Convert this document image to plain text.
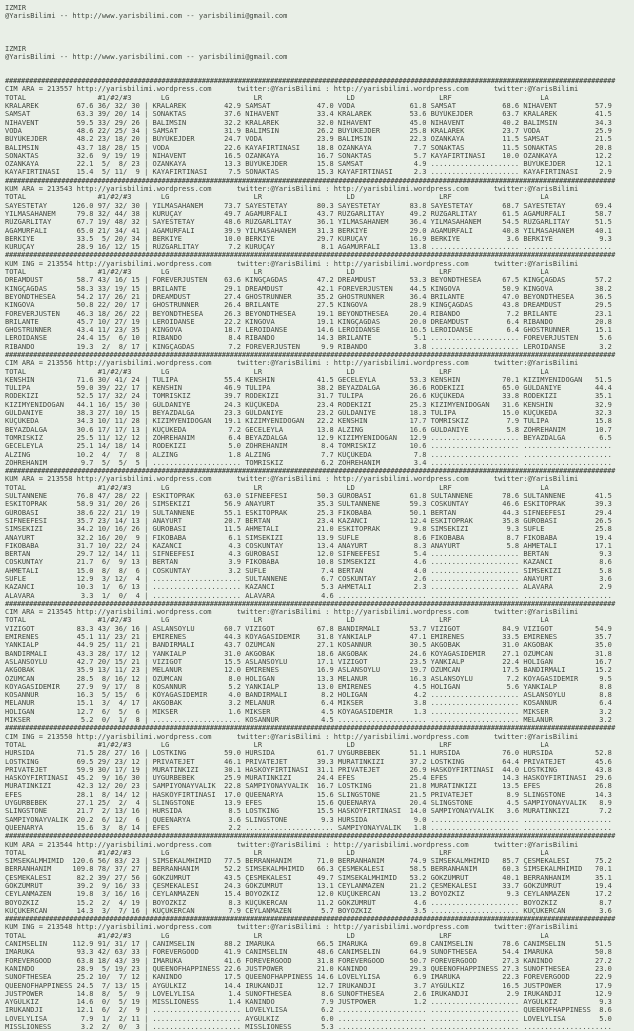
IZMIR
@YarisBilimi -- http://www.yarisbilimi.com -- yarisbilimi@gmail.com
IZMIR
@YarisBilimi -- http://www.yarisbilimi.com -- yarisbilimi@gmail.com
########################################################################################################################################################
CIM ARA = 213557 http://yarisbilimi.wordpress.com      twitter:@YarisBilimi : http://yarisbilimi.wordpress.com      twitter:@YarisBilimi
TOTAL                 #1/#2/#3       LG                    LR                    LD                    LRF                     LA
KRALAREK         67.6 36/ 32/ 30 | KRALAREK         42.9 SAMSAT           47.0 VODA             61.8 SAMSAT           68.6 NIHAVENT         57.9
SAMSAT           63.3 39/ 20/ 14 | SONAKTAS         37.6 NIHAVENT         33.4 KRALAREK         53.6 BÜYÜKEJDER       63.7 KRALAREK         41.5
NIHAVENT         59.5 33/ 29/ 26 | BALIMSIN         32.2 KRALAREK         32.0 NIHAVENT         45.0 NIHAVENT         40.2 BALIMSIN         34.3
VODA             48.6 22/ 25/ 34 | SAMSAT           31.9 BALIMSIN         26.2 BÜYÜKEJDER       25.8 KRALAREK         23.7 VODA             25.9
BÜYÜKEJDER       48.2 23/ 18/ 20 | BÜYÜKEJDER       24.7 VODA             23.9 BALIMSIN         22.3 OZANKAYA         11.5 SAMSAT           21.5
BALIMSIN         43.7 18/ 28/ 15 | VODA             22.6 KAYAFIRTINASI    18.8 OZANKAYA          7.7 SONAKTAS         11.5 SONAKTAS         20.8
SONAKTAS         32.6  9/ 19/ 19 | NIHAVENT         16.5 OZANKAYA         16.7 SONAKTAS          5.7 KAYAFIRTINASI    10.0 OZANKAYA         12.2
OZANKAYA         22.1  5/  8/ 23 | OZANKAYA         13.3 BÜYÜKEJDER       15.8 SAMSAT            4.9 ..................... BÜYÜKEJDER       12.1
KAYAFIRTINASI    15.4  5/ 11/  9 | KAYAFIRTINASI     7.5 SONAKTAS         15.3 KAYAFIRTINASI     2.3 ..................... KAYAFIRTINASI     2.9
########################################################################################################################################################
KUM ARA = 213543 http://yarisbilimi.wordpress.com      twitter:@YarisBilimi : http://yarisbilimi.wordpress.com      twitter:@YarisBilimi
TOTAL                 #1/#2/#3       LG                    LR                    LD                    LRF                     LA
SAYESTETAY      126.0 97/ 32/ 30 | YILMASAHANEM     73.7 SAYESTETAY       80.3 SAYESTETAY       83.8 SAYESTETAY       68.7 SAYESTETAY       69.4
YILMASAHANEM     79.8 32/ 44/ 38 | KURUÇAY          49.7 AGAMURFALI       43.7 RÜZGARLITAY      49.2 RÜZGARLITAY      61.5 AGAMURFALI       58.7
RÜZGARLITAY      67.7 19/ 48/ 32 | SAYESTETAY       48.6 RÜZGARLITAY      36.1 YILMASAHANEM     36.4 YILMASAHANEM     54.5 RÜZGARLITAY      51.5
AGAMURFALI       65.0 21/ 34/ 41 | AGAMURFALI       39.9 YILMASAHANEM     31.3 BERKIYE          29.0 AGAMURFALI       40.8 YILMASAHANEM     40.1
BERKIYE          33.5  5/ 20/ 34 | BERKIYE          10.0 BERKIYE          29.7 KURUÇAY          16.9 BERKIYE           3.6 BERKIYE           9.3
KURUÇAY          28.9 16/ 12/ 15 | RÜZGARLITAY       7.2 KURUÇAY           8.1 AGAMURFALI       13.8 ..................... .....................
########################################################################################################################################################
KUM ING = 213554 http://yarisbilimi.wordpress.com      twitter:@YarisBilimi : http://yarisbilimi.wordpress.com      twitter:@YarisBilimi
TOTAL                 #1/#2/#3       LG                    LR                    LD                    LRF                     LA
DREAMDUST        58.7 43/ 16/ 15 | FOREVERJUSTEN    63.6 KINGÇAGDAS       47.2 DREAMDUST        53.3 BEYONDTHESEA     67.5 KINGÇAGDAS       57.2
KINGÇAGDAS       58.3 33/ 19/ 15 | BRILANTE         29.1 DREAMDUST        42.1 FOREVERJUSTEN    44.5 KINGOVA          50.9 KINGOVA          38.2
BEYONDTHESEA     54.2 17/ 26/ 21 | DREAMDUST        27.4 GHOSTRUNNER      35.2 GHOSTRUNNER      36.4 BRILANTE         47.0 BEYONDTHESEA     36.5
KINGOVA          50.8 22/ 20/ 17 | GHOSTRUNNER      26.4 BRILANTE         27.5 KINGOVA          28.9 KINGÇAGDAS       43.8 DREAMDUST        29.5
FOREVERJUSTEN    46.3 18/ 26/ 22 | BEYONDTHESEA     26.3 BEYONDTHESEA     19.1 BEYONDTHESEA     20.4 RIBANDO           7.2 BRILANTE         23.1
BRILANTE         45.7 10/ 27/ 19 | LEROIDANSE       22.2 KINGOVA          19.1 KINGÇAGDAS       20.0 DREAMDUST         6.4 RIBANDO          20.8
GHOSTRUNNER      43.4 11/ 23/ 35 | KINGOVA          18.7 LEROIDANSE       14.6 LEROIDANSE       16.5 LEROIDANSE        6.4 GHOSTRUNNER      15.1
LEROIDANSE       24.4 15/  6/ 10 | RIBANDO           8.4 RIBANDO          14.3 BRILANTE          5.1 ..................... FOREVERJUSTEN     5.6
RIBANDO          19.3  2/  8/ 17 | KINGÇAGDAS        7.2 FOREVERJUSTEN     9.9 RIBANDO           3.8 ..................... LEROIDANSE        3.2
########################################################################################################################################################
CIM ARA = 213556 http://yarisbilimi.wordpress.com      twitter:@YarisBilimi : http://yarisbilimi.wordpress.com      twitter:@YarisBilimi
TOTAL                 #1/#2/#3       LG                    LR                    LD                    LRF                     LA
KENSHIN          71.6 30/ 41/ 24 | TULIPA           55.4 KENSHIN          41.5 GECELEYLA        53.3 KENSHIN          70.1 KIZIMYENIDOGAN   51.5
TULIPA           59.0 39/ 22/ 17 | KENSHIN          46.9 TULIPA           38.2 BEYAZDALGA       36.6 RODEKIZI         65.0 GÜLDANIYE        44.4
RODEKIZI         52.5 17/ 32/ 24 | TOMRISKIZ        39.7 RODEKIZI         31.7 TULIPA           26.6 KÜÇÜKEDA         33.8 RODEKIZI         35.1
KIZIMYENIDOGAN   44.1 16/ 15/ 30 | GÜLDANIYE        24.3 KÜÇÜKEDA         23.4 RODEKIZI         25.3 KIZIMYENIDOGAN   31.6 KENSHIN          32.9
GÜLDANIYE        38.3 27/ 10/ 15 | BEYAZDALGA       23.3 GÜLDANIYE        23.2 GÜLDANIYE        18.3 TULIPA           15.0 KÜÇÜKEDA         32.3
KÜÇÜKEDA         34.3 10/ 11/ 28 | KIZIMYENIDOGAN   19.1 KIZIMYENIDOGAN   22.2 KENSHIN          17.7 TOMRISKIZ         7.9 TULIPA           15.8
BEYAZDALGA       30.6 17/ 17/ 13 | KÜÇÜKEDA          7.2 GECELEYLA        13.8 ALZING           16.6 GÜLDANIYE         5.8 ZÖHREHANIM       10.7
TOMRISKIZ        25.5 11/ 12/ 12 | ZÖHREHANIM        6.4 BEYAZDALGA       12.9 KIZIMYENIDOGAN   12.9 ..................... BEYAZDALGA        6.5
GECELEYLA        25.1 14/ 18/ 14 | RODEKIZI          5.0 ZÖHREHANIM        8.4 TOMRISKIZ        10.6 ..................... .....................
ALZING           10.2  4/  7/  8 | ALZING            1.8 ALZING            7.7 KÜÇÜKEDA          7.8 ..................... .....................
ZÖHREHANIM        9.7  5/  5/  5 | ..................... TOMRISKIZ         6.2 ZÖHREHANIM        3.4 ..................... .....................
########################################################################################################################################################
KUM ARA = 213558 http://yarisbilimi.wordpress.com      twitter:@YarisBilimi : http://yarisbilimi.wordpress.com      twitter:@YarisBilimi
TOTAL                 #1/#2/#3       LG                    LR                    LD                    LRF                     LA
SULTANNENE       76.8 47/ 28/ 22 | ESKITOPRAK       63.0 SIFNEEFESI       50.3 GÜROBASI         61.8 SULTANNENE       78.6 SULTANNENE       41.5
ESKITOPRAK       58.9 31/ 20/ 26 | SIMSEKIZI        56.9 ANAYURT          35.3 SULTANNENE       59.3 COSKUNTAY        46.6 ESKITOPRAK       39.3
GÜROBASI         38.6 22/ 21/ 19 | SULTANNENE       55.1 ESKITOPRAK       25.3 FIKOBABA         50.1 BERTAN           44.3 SIFNEEFESI       29.4
SIFNEEFESI       35.7 23/ 14/ 13 | ANAYURT          20.7 BERTAN           23.4 KAZANCI          12.4 ESKITOPRAK       35.8 GÜROBASI         26.5
SIMSEKIZI        34.2 10/ 16/ 26 | GÜROBASI         11.5 AHMETALI         21.0 ESKITOPRAK        9.8 SIMSEKIZI         9.3 SUFLE            25.8
ANAYURT          32.2 16/ 20/  9 | FIKOBABA          6.1 SIMSEKIZI        13.9 SUFLE             8.6 FIKOBABA          8.7 FIKOBABA         19.4
FIKOBABA         31.7 10/ 22/ 24 | KAZANCI           4.3 COSKUNTAY        13.4 ANAYURT           8.3 ANAYURT           5.8 AHMETALI         17.1
BERTAN           29.7 12/ 14/ 11 | SIFNEEFESI        4.3 GÜROBASI         12.0 SIFNEEFESI        5.4 ..................... BERTAN            9.3
COSKUNTAY        21.7  6/  9/ 13 | BERTAN            3.9 FIKOBABA         10.8 SIMSEKIZI         4.6 ..................... KAZANCI           8.6
AHMETALI         15.0  8/  8/  6 | COSKUNTAY         3.2 SUFLE             7.4 BERTAN            4.0 ..................... SIMSEKIZI         5.8
SUFLE            12.9  3/ 12/  4 | ..................... SULTANNENE        6.7 COSKUNTAY         2.6 ..................... ANAYURT           3.6
KAZANCI          10.3  1/  6/ 13 | ..................... KAZANCI           5.3 AHMETALI          2.3 ..................... ALAVARA           2.9
ALAVARA           3.3  1/  0/  4 | ..................... ALAVARA           4.6 ..................... ..................... .....................
########################################################################################################################################################
CIM ARA = 213545 http://yarisbilimi.wordpress.com      twitter:@YarisBilimi : http://yarisbilimi.wordpress.com      twitter:@YarisBilimi
TOTAL                 #1/#2/#3       LG                    LR                    LD                    LRF                     LA
VIZIGOT          83.3 43/ 36/ 16 | ASLANSOYLU       60.7 VIZIGOT          67.8 BANDIRMALI       53.7 VIZIGOT          84.9 VIZIGOT          54.9
EMIRENES         45.1 11/ 23/ 21 | EMIRENES         44.3 KÖYAGASIDEMIR    31.8 YANKIALP         47.1 EMIRENES         33.5 EMIRENES         35.7
YANKIALP         44.9 25/ 11/ 21 | BANDIRMALI       43.7 ÖZÜMCAN          27.1 KOSANNUR         30.5 AKGOBAK          31.0 AKGOBAK          35.0
BANDIRMALI       43.3 28/ 17/ 12 | YANKIALP         31.0 AKGOBAK          18.6 AKGOBAK          24.6 KÖYAGASIDEMIR    27.1 ÖZÜMCAN          31.8
ASLANSOYLU       42.7 20/ 15/ 21 | VIZIGOT          15.5 ASLANSOYLU       17.1 VIZIGOT          23.5 YANKIALP         22.4 HOLIGAN          16.7
AKGOBAK          35.9 13/ 11/ 23 | MELANUR          12.0 EMIRENES         16.9 ASLANSOYLU       19.7 ÖZÜMCAN          17.5 BANDIRMALI       15.2
ÖZÜMCAN          28.5  8/ 16/ 12 | ÖZÜMCAN           8.0 HOLIGAN          13.3 MELANUR          16.3 ASLANSOYLU        7.2 KÖYAGASIDEMIR     9.5
KÖYAGASIDEMIR    27.9  9/ 17/  8 | KOSANNUR          5.2 YANKIALP         13.0 EMIRENES          4.5 HOLIGAN           5.6 YANKIALP          8.8
KOSANNUR         16.3  5/ 15/  6 | KÖYAGASIDEMIR     4.0 BANDIRMALI        8.2 HOLIGAN           4.2 ..................... ASLANSOYLU        8.8
MELANUR          15.1  3/  4/ 17 | AKGOBAK           3.2 MELANUR           6.4 MIKSER            3.8 ..................... KOSANNUR          6.4
HOLIGAN          12.7  6/  5/  6 | MIKSER            1.6 MIKSER            4.5 KÖYAGASIDEMIR     1.3 ..................... MIKSER            3.2
MIKSER            5.2  0/  1/  8 | ..................... KOSANNUR          4.5 ..................... ..................... MELANUR           3.2
########################################################################################################################################################
CIM ING = 213550 http://yarisbilimi.wordpress.com      twitter:@YarisBilimi : http://yarisbilimi.wordpress.com      twitter:@YarisBilimi
TOTAL                 #1/#2/#3       LG                    LR                    LD                    LRF                     LA
HURSIDA          71.5 28/ 27/ 16 | LOSTKING         59.0 HURSIDA          61.7 UYGURBEBEK       51.1 HURSIDA          76.0 HURSIDA          52.8
LOSTKING         69.5 29/ 23/ 12 | PRIVATEJET       46.1 PRIVATEJET       39.3 MURATINKIZI      37.2 LOSTKING         64.4 PRIVATEJET       45.6
PRIVATEJET       59.9 30/ 17/ 19 | MURATINKIZI      30.1 HASKÖYFIRTINASI  31.1 PRIVATEJET       26.9 HASKÖYFIRTINASI  44.0 LOSTKING         43.8
HASKÖYFIRTINASI  45.2  9/ 16/ 30 | UYGURBEBEK       25.9 MURATINKIZI      24.4 EFES             25.4 EFES             14.3 HASKÖYFIRTINASI  29.6
MURATINKIZI      42.3 12/ 20/ 23 | SAMPIYONAYVALIK  22.8 SAMPIYONAYVALIK  16.7 LOSTKING         21.8 MURATINKIZI      13.5 EFES             26.8
EFES             28.1  8/ 14/ 12 | HASKÖYFIRTINASI  17.0 QUEENARYA        15.6 SLINGSTONE       21.5 PRIVATEJET        8.9 SLINGSTONE       14.3
UYGURBEBEK       27.1 25/  2/  4 | SLINGSTONE       13.9 EFES             15.6 QUEENARYA        20.4 SLINGSTONE        4.5 SAMPIYONAYVALIK   8.9
SLINGSTONE       21.7  2/ 13/ 16 | HURSIDA           8.5 LOSTKING         15.5 HASKÖYFIRTINASI  14.0 SAMPIYONAYVALIK   3.6 MURATINKIZI       7.2
SAMPIYONAYVALIK  20.2  6/ 12/  6 | QUEENARYA         3.6 SLINGSTONE        9.3 HURSIDA           9.0 ..................... .....................
QUEENARYA        15.6  3/  8/ 14 | EFES              2.2 ..................... SAMPIYONAYVALIK   1.8 ..................... .....................
########################################################################################################################################################
KUM ARA = 213544 http://yarisbilimi.wordpress.com      twitter:@YarisBilimi : http://yarisbilimi.wordpress.com      twitter:@YarisBilimi
TOTAL                 #1/#2/#3       LG                    LR                    LD                    LRF                     LA
SIMSEKALMHIMID  120.6 56/ 83/ 23 | SIMSEKALMHIMID   77.5 BERRANHANIM      71.0 BERRANHANIM      74.9 SIMSEKALMHIMID   85.7 ÇESMEKALESI      75.2
BERRANHANIM     109.8 78/ 37/ 27 | BERRANHANIM      52.2 SIMSEKALMHIMID   66.3 ÇESMEKALESI      58.5 BERRANHANIM      60.3 SIMSEKALMHIMID   70.1
ÇESMEKALESI      82.2 39/ 27/ 56 | GÖKZÜMRÜT        43.5 ÇESMEKALESI      49.7 SIMSEKALMHIMID   53.2 GÖKZÜMRÜT        40.1 BERRANHANIM      35.1
GÖKZÜMRÜT        39.2  9/ 16/ 33 | ÇESMEKALESI      24.3 GÖKZÜMRÜT        13.1 CEYLANMAZEN      21.2 ÇESMEKALESI      33.7 GÖKZÜMRÜT        19.4
CEYLANMAZEN      19.8  3/ 16/ 16 | CEYLANMAZEN      15.4 BOYOZKIZ         12.0 KÜÇÜKERCAN       13.2 BOYOZKIZ          9.3 CEYLANMAZEN      17.2
BOYOZKIZ         15.2  2/  4/ 19 | BOYOZKIZ          8.3 KÜÇÜKERCAN       11.2 GÖKZÜMRÜT         4.6 ..................... BOYOZKIZ          8.7
KÜÇÜKERCAN       14.3  3/  7/ 16 | KÜÇÜKERCAN        7.9 CEYLANMAZEN       5.7 BOYOZKIZ          3.5 ..................... KÜÇÜKERCAN        3.6
########################################################################################################################################################
KUM ING = 213548 http://yarisbilimi.wordpress.com      twitter:@YarisBilimi : http://yarisbilimi.wordpress.com      twitter:@YarisBilimi
TOTAL                 #1/#2/#3       LG                    LR                    LD                    LRF                     LA
CANIMSELIN      112.9 91/ 31/ 17 | CANIMSELIN       88.2 IMARUKA          66.5 IMARUKA          69.8 CANIMSELIN       78.6 CANIMSELIN       51.5
IMARUKA          93.3 42/ 63/ 33 | FOREVERGOOD      41.9 CANIMSELIN       48.6 CANIMSELIN       64.9 SUNOFTHESEA      54.4 IMARUKA          50.8
FOREVERGOOD      63.8 18/ 43/ 39 | IMARUKA          41.6 FOREVERGOOD      31.8 FOREVERGOOD      50.7 FOREVERGOOD      27.3 KANINDO          27.2
KANINDO          28.9  5/ 19/ 23 | QUEENOFHAPPINESS 22.6 JUSTPOWER        21.0 KANINDO          29.3 QUEENOFHAPPINESS 27.3 SUNOFTHESEA      23.0
SUNOFTHESEA      25.2 10/  7/ 12 | KANINDO          17.5 QUEENOFHAPPINESS 14.6 LOVELYLISA        6.9 IMARUKA          22.3 FOREVERGOOD      22.9
QUEENOFHAPPINESS 24.5  7/ 13/ 15 | AYGÜLKIZ         14.4 IRUKANDJI        12.7 IRUKANDJI         3.7 AYGÜLKIZ         16.5 JUSTPOWER        17.9
JUSTPOWER        14.8  8/  5/  9 | LOVELYLISA        1.4 SUNOFTHESEA       8.6 SUNOFTHESEA       2.6 IRUKANDJI         2.9 IRUKANDJI        12.9
AYGÜLKIZ         14.6  0/  5/ 19 | MISSLIONESS       1.4 KANINDO           7.9 JUSTPOWER         1.2 ..................... AYGÜLKIZ          9.3
IRUKANDJI        12.1  6/  2/  9 | ..................... LOVELYLISA        6.2 ..................... ..................... QUEENOFHAPPINESS  8.6
LOVELYLISA        7.9  1/  2/ 11 | ..................... AYGÜLKIZ          6.0 ..................... ..................... LOVELYLISA        5.0
MISSLIONESS       3.2  2/  0/  3 | ..................... MISSLIONESS       5.3 ..................... ..................... .....................
